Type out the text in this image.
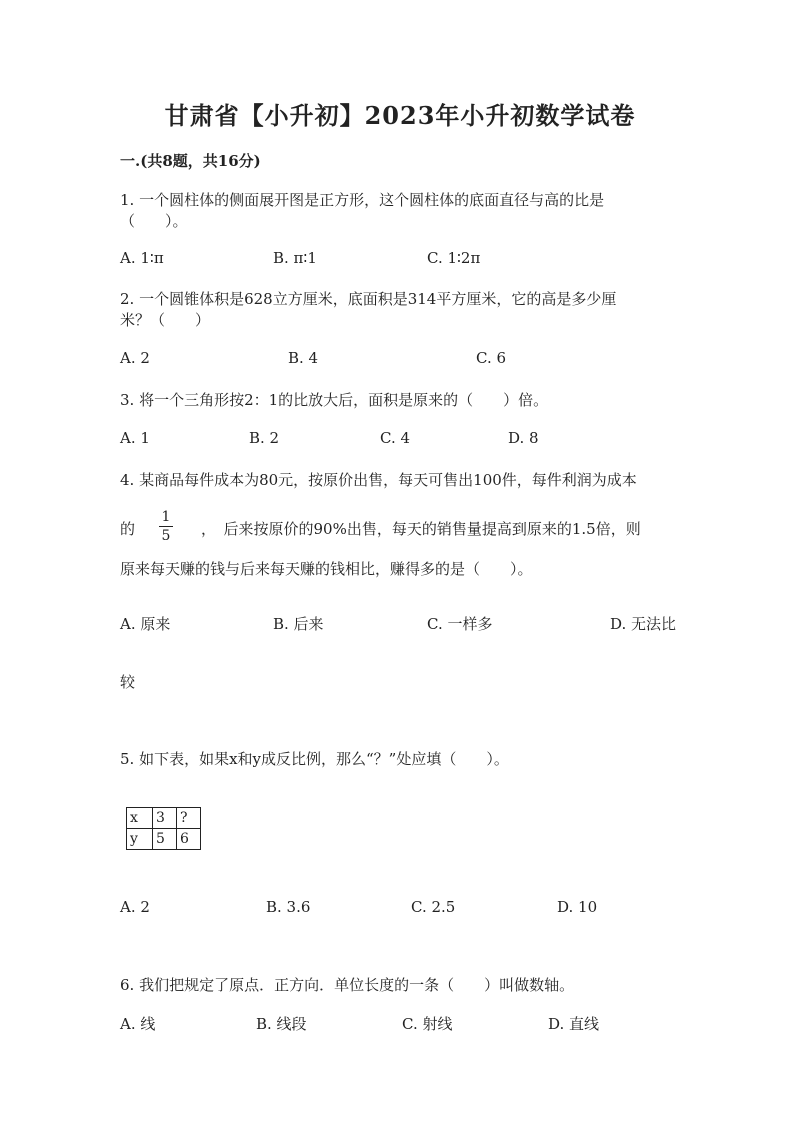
甘肃省【小升初】2023年小升初数学试卷
一.(共8题，共16分)
1. 一个圆柱体的侧面展开图是正方形，这个圆柱体的底面直径与高的比是
（　　）。
A. 1∶π	B. π∶1	C. 1∶2π
2. 一个圆锥体积是628立方厘米，底面积是314平方厘米，它的高是多少厘
米？（　　）
A. 2	B. 4	C. 6
3. 将一个三角形按2：1的比放大后，面积是原来的（　　）倍。
A. 1	B. 2	C. 4	D. 8
4. 某商品每件成本为80元，按原价出售，每天可售出100件，每件利润为成本
的
1
5 ，　后来按原价的90%出售，每天的销售量提高到原来的1.5倍，则
原来每天赚的钱与后来每天赚的钱相比，赚得多的是（　　）。
A. 原来	B. 后来	C. 一样多	D. 无法比
较
5. 如下表，如果x和y成反比例，那么“？”处应填（　　）。
x	3	?
y	5	6
A. 2	B. 3.6	C. 2.5	D. 10
6. 我们把规定了原点．正方向．单位长度的一条（　　）叫做数轴。
A. 线	B. 线段	C. 射线	D. 直线
